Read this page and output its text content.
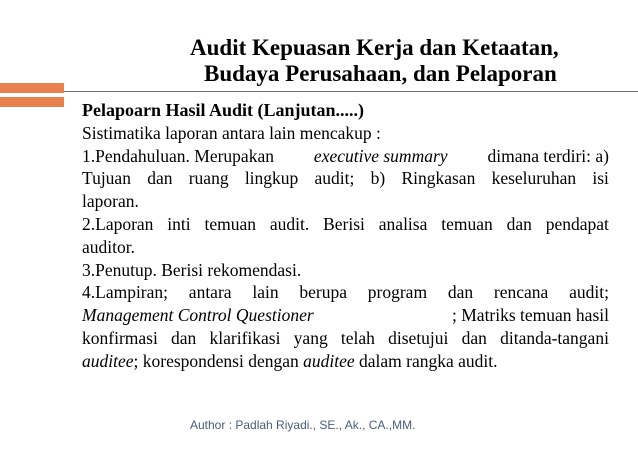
Audit Kepuasan Kerja dan Ketaatan,
Budaya Perusahaan, dan Pelaporan
Pelapoarn Hasil Audit (Lanjutan.....)
Sistimatika laporan antara lain mencakup :
1.Pendahuluan. Merupakan executive summary dimana terdiri: a)
Tujuan dan ruang lingkup audit; b) Ringkasan keseluruhan isi
laporan.
2.Laporan inti temuan audit. Berisi analisa temuan dan pendapat
auditor.
3.Penutup. Berisi rekomendasi.
4.Lampiran; antara lain berupa program dan rencana audit;
Management Control Questioner	; Matriks temuan hasil
konfirmasi dan klarifikasi yang telah disetujui dan ditanda-tangani
auditee; korespondensi dengan auditee dalam rangka audit.
Author : Padlah Riyadi., SE., Ak., CA.,MM.
